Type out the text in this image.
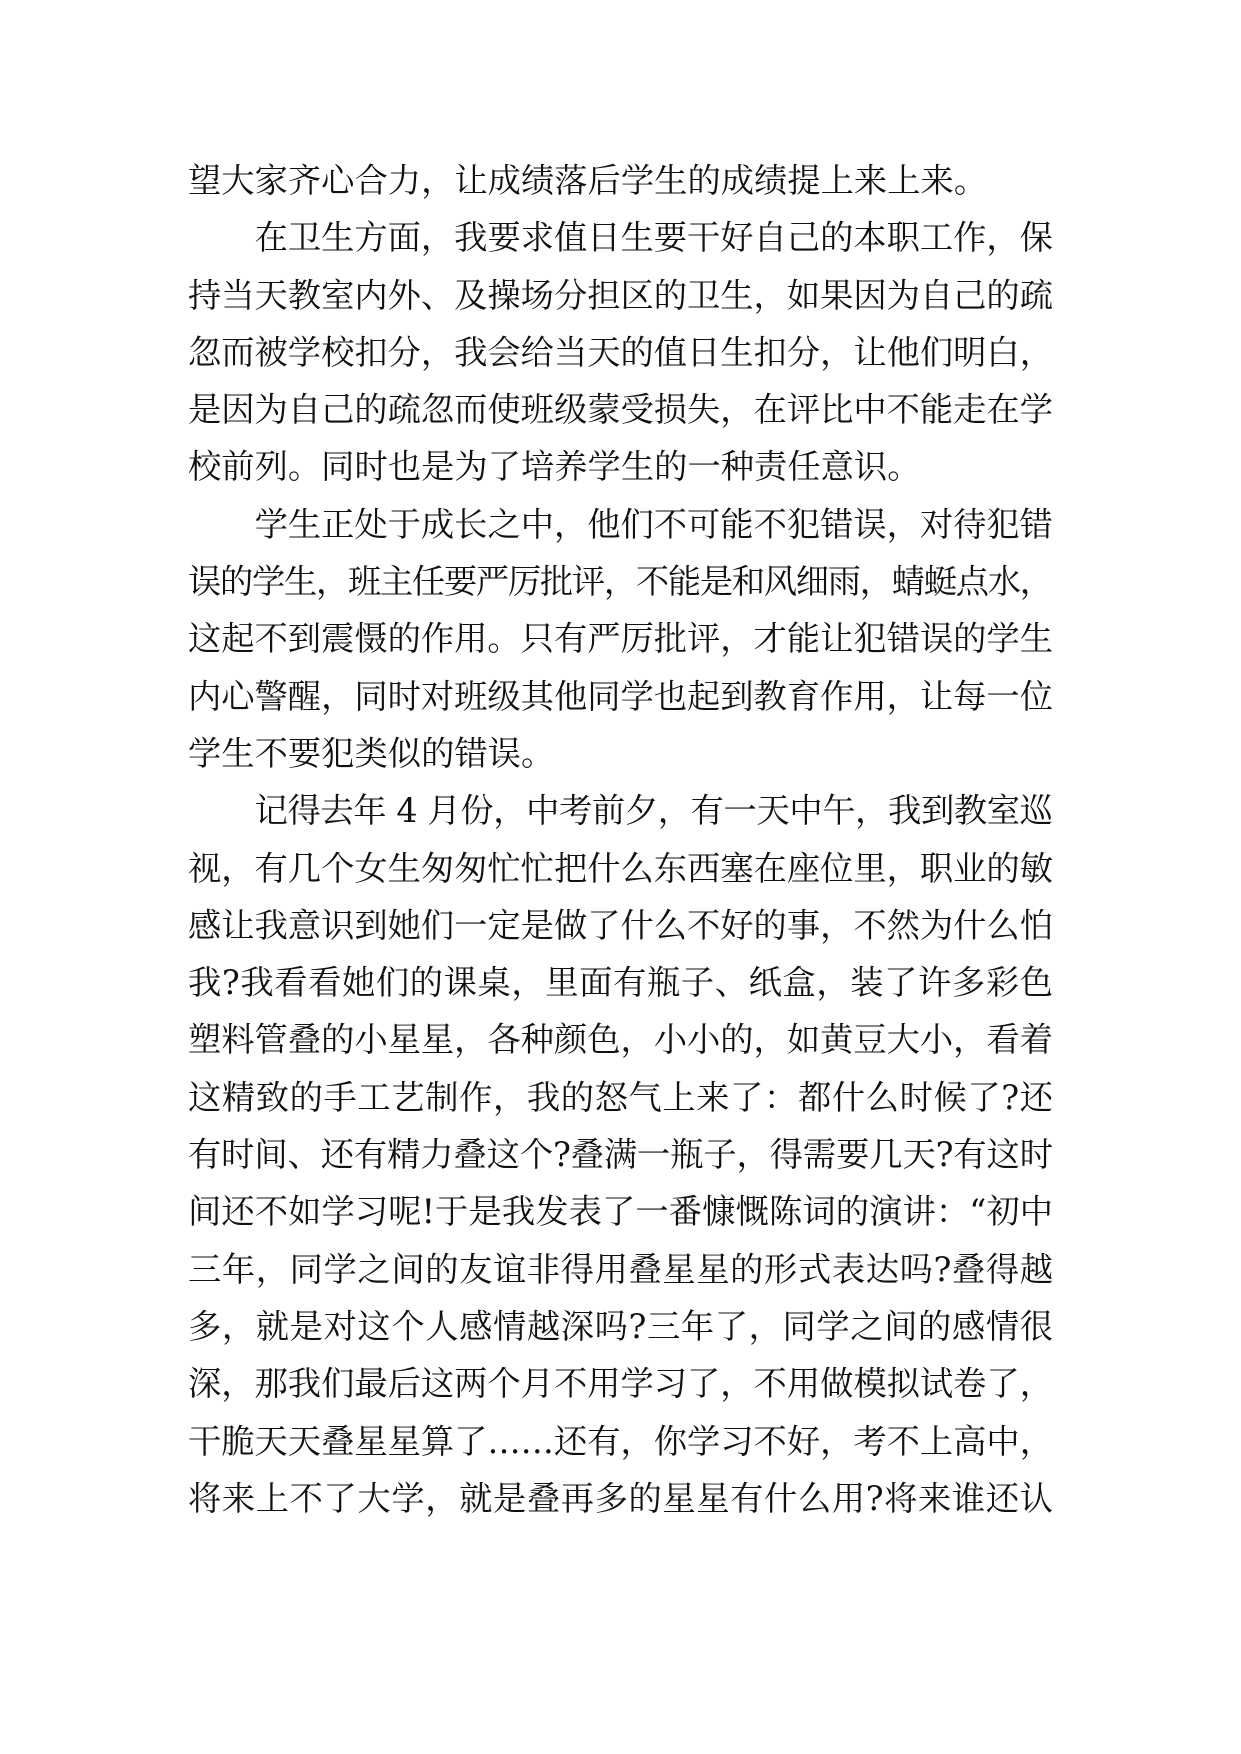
望大家齐心合力，让成绩落后学生的成绩提上来上来。
在卫生方面，我要求值日生要干好自己的本职工作，保
持当天教室内外、及操场分担区的卫生，如果因为自己的疏
忽而被学校扣分，我会给当天的值日生扣分，让他们明白，
是因为自己的疏忽而使班级蒙受损失，在评比中不能走在学
校前列。同时也是为了培养学生的一种责任意识。
学生正处于成长之中，他们不可能不犯错误，对待犯错
误的学生，班主任要严厉批评，不能是和风细雨，蜻蜓点水，
这起不到震慑的作用。只有严厉批评，才能让犯错误的学生
内心警醒，同时对班级其他同学也起到教育作用，让每一位
学生不要犯类似的错误。
记得去年 4 月份，中考前夕，有一天中午，我到教室巡
视，有几个女生匆匆忙忙把什么东西塞在座位里，职业的敏
感让我意识到她们一定是做了什么不好的事，不然为什么怕
我?我看看她们的课桌，里面有瓶子、纸盒，装了许多彩色
塑料管叠的小星星，各种颜色，小小的，如黄豆大小，看着
这精致的手工艺制作，我的怒气上来了：都什么时候了?还
有时间、还有精力叠这个?叠满一瓶子，得需要几天?有这时
间还不如学习呢!于是我发表了一番慷慨陈词的演讲：“初中
三年，同学之间的友谊非得用叠星星的形式表达吗?叠得越
多，就是对这个人感情越深吗?三年了，同学之间的感情很
深，那我们最后这两个月不用学习了，不用做模拟试卷了，
干脆天天叠星星算了……还有，你学习不好，考不上高中，
将来上不了大学，就是叠再多的星星有什么用?将来谁还认
